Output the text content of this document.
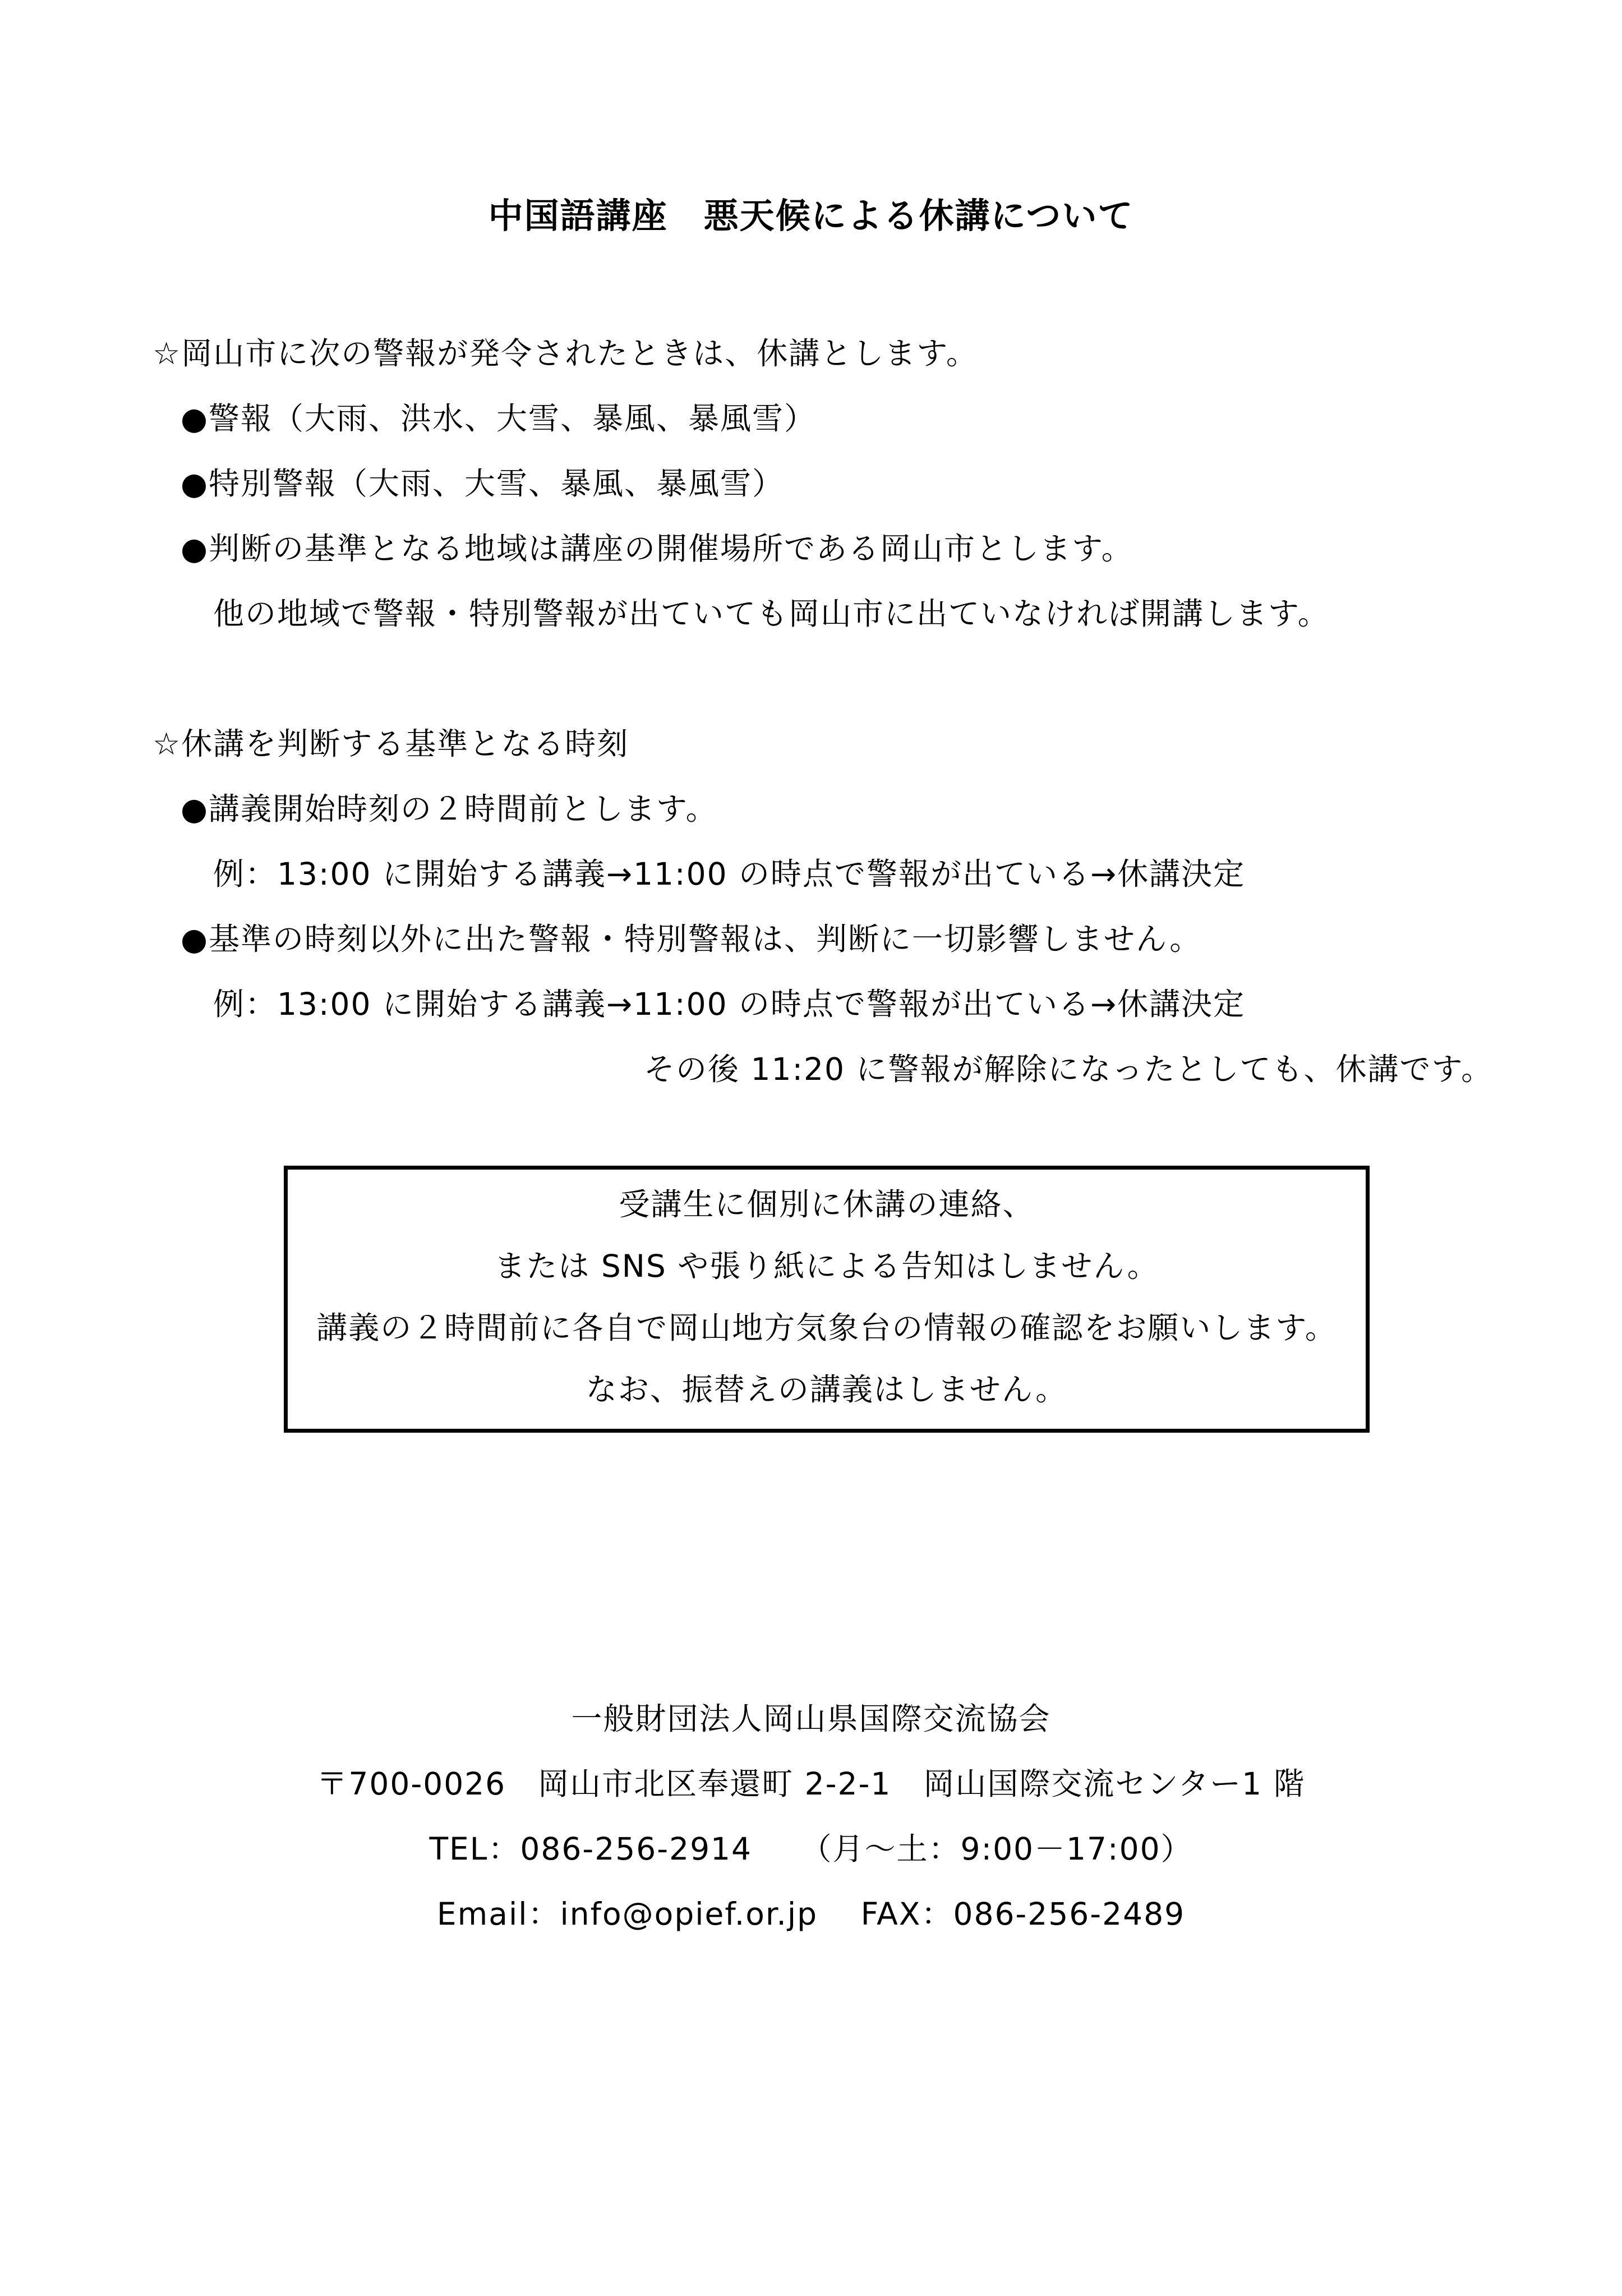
中国語講座　悪天候による休講について
☆岡山市に次の警報が発令されたときは、休講とします。
●警報（大雨、洪水、大雪、暴風、暴風雪）
●特別警報（大雨、大雪、暴風、暴風雪）
●判断の基準となる地域は講座の開催場所である岡山市とします。
他の地域で警報・特別警報が出ていても岡山市に出ていなければ開講します。
☆休講を判断する基準となる時刻
●講義開始時刻の２時間前とします。
例：13:00 に開始する講義→11:00 の時点で警報が出ている→休講決定
●基準の時刻以外に出た警報・特別警報は、判断に一切影響しません。
例：13:00 に開始する講義→11:00 の時点で警報が出ている→休講決定
その後 11:20 に警報が解除になったとしても、休講です。
受講生に個別に休講の連絡、
または SNS や張り紙による告知はしません。
講義の２時間前に各自で岡山地方気象台の情報の確認をお願いします。
なお、振替えの講義はしません。
一般財団法人岡山県国際交流協会
〒700-0026　岡山市北区奉還町 2-2-1　岡山国際交流センター1 階
TEL：086-256-2914　　（月～土：9:00－17:00）
Email：info@opief.or.jp　 FAX：086-256-2489
